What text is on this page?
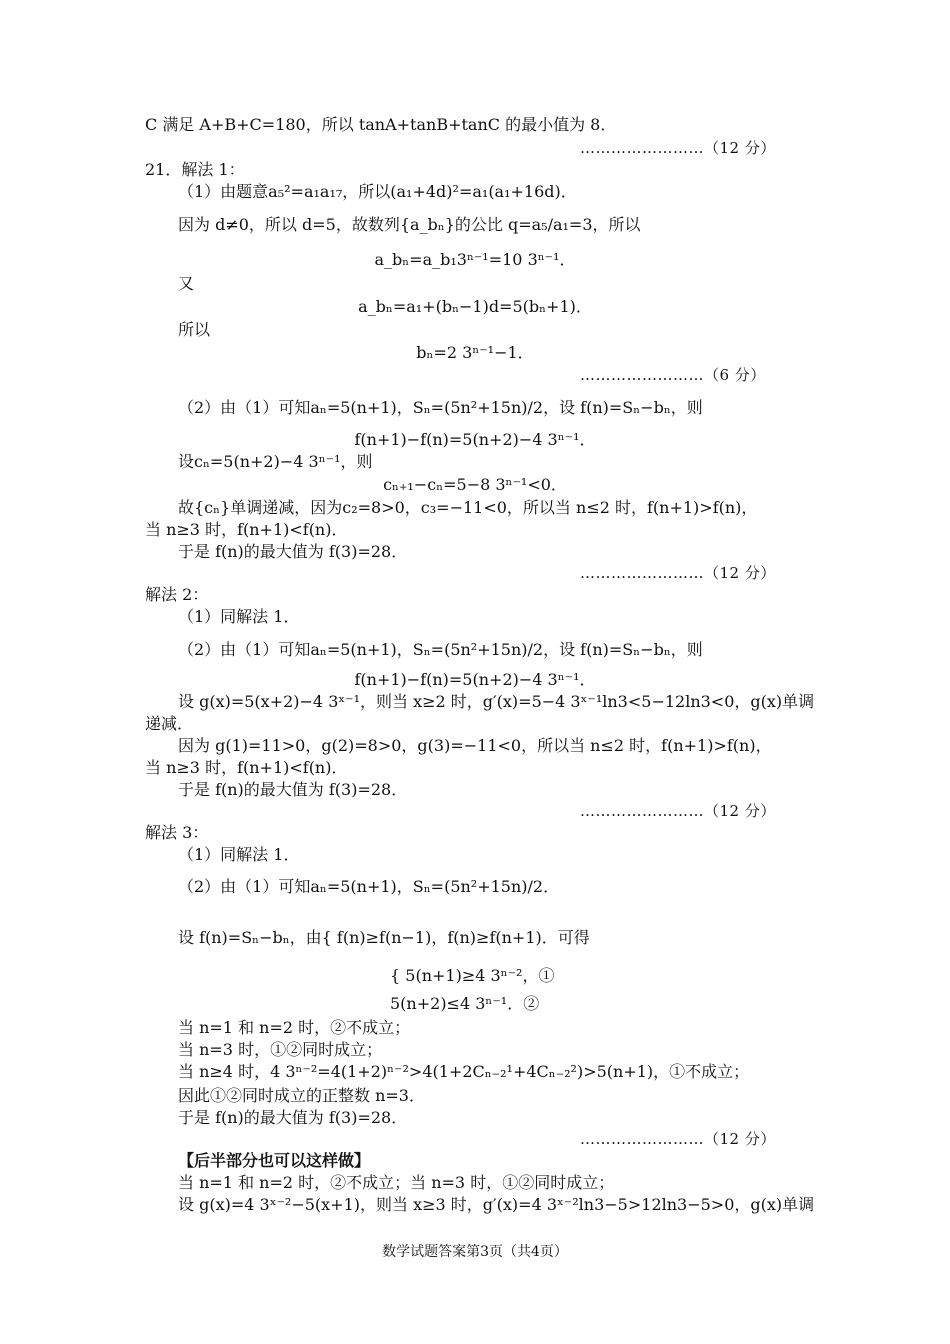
C 满足 A+B+C=180，所以 tanA+tanB+tanC 的最小值为 8．
……………………（12 分）
21．解法 1：
（1）由题意a₅²=a₁a₁₇，所以(a₁+4d)²=a₁(a₁+16d)．
因为 d≠0，所以 d=5，故数列{a_bₙ}的公比 q=a₅/a₁=3，所以
a_bₙ=a_b₁3ⁿ⁻¹=10 3ⁿ⁻¹．
又
a_bₙ=a₁+(bₙ−1)d=5(bₙ+1)．
所以
bₙ=2 3ⁿ⁻¹−1．
……………………（6 分）
（2）由（1）可知aₙ=5(n+1)，Sₙ=(5n²+15n)/2，设 f(n)=Sₙ−bₙ，则
f(n+1)−f(n)=5(n+2)−4 3ⁿ⁻¹．
设cₙ=5(n+2)−4 3ⁿ⁻¹，则
cₙ₊₁−cₙ=5−8 3ⁿ⁻¹<0．
故{cₙ}单调递减，因为c₂=8>0，c₃=−11<0，所以当 n≤2 时，f(n+1)>f(n)，
当 n≥3 时，f(n+1)<f(n)．
于是 f(n)的最大值为 f(3)=28．
……………………（12 分）
解法 2：
（1）同解法 1．
（2）由（1）可知aₙ=5(n+1)，Sₙ=(5n²+15n)/2，设 f(n)=Sₙ−bₙ，则
f(n+1)−f(n)=5(n+2)−4 3ⁿ⁻¹．
设 g(x)=5(x+2)−4 3ˣ⁻¹，则当 x≥2 时，g′(x)=5−4 3ˣ⁻¹ln3<5−12ln3<0，g(x)单调
递减．
因为 g(1)=11>0，g(2)=8>0，g(3)=−11<0，所以当 n≤2 时，f(n+1)>f(n)，
当 n≥3 时，f(n+1)<f(n)．
于是 f(n)的最大值为 f(3)=28．
……………………（12 分）
解法 3：
（1）同解法 1．
（2）由（1）可知aₙ=5(n+1)，Sₙ=(5n²+15n)/2．
设 f(n)=Sₙ−bₙ，由{ f(n)≥f(n−1)，f(n)≥f(n+1)．可得
{ 5(n+1)≥4 3ⁿ⁻²，①
5(n+2)≤4 3ⁿ⁻¹．②
当 n=1 和 n=2 时，②不成立；
当 n=3 时，①②同时成立；
当 n≥4 时，4 3ⁿ⁻²=4(1+2)ⁿ⁻²>4(1+2Cₙ₋₂¹+4Cₙ₋₂²)>5(n+1)，①不成立；
因此①②同时成立的正整数 n=3．
于是 f(n)的最大值为 f(3)=28．
……………………（12 分）
【后半部分也可以这样做】
当 n=1 和 n=2 时，②不成立；当 n=3 时，①②同时成立；
设 g(x)=4 3ˣ⁻²−5(x+1)，则当 x≥3 时，g′(x)=4 3ˣ⁻²ln3−5>12ln3−5>0，g(x)单调
数学试题答案第3页（共4页）
